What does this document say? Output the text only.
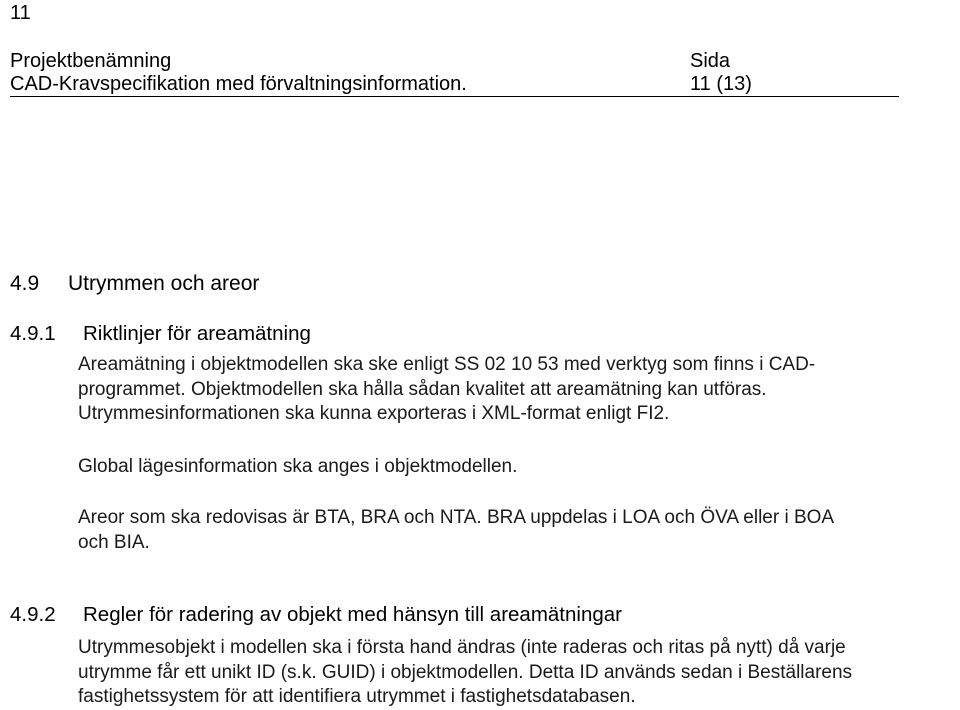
11
Projektbenämning
CAD-Kravspecifikation med förvaltningsinformation.
Sida
11 (13)
4.9 Utrymmen och areor
4.9.1 Riktlinjer för areamätning
Areamätning i objektmodellen ska ske enligt SS 02 10 53 med verktyg som finns i CAD-
programmet. Objektmodellen ska hålla sådan kvalitet att areamätning kan utföras.
Utrymmesinformationen ska kunna exporteras i XML-format enligt FI2.
Global lägesinformation ska anges i objektmodellen.
Areor som ska redovisas är BTA, BRA och NTA. BRA uppdelas i LOA och ÖVA eller i BOA
och BIA.
4.9.2 Regler för radering av objekt med hänsyn till areamätningar
Utrymmesobjekt i modellen ska i första hand ändras (inte raderas och ritas på nytt) då varje
utrymme får ett unikt ID (s.k. GUID) i objektmodellen. Detta ID används sedan i Beställarens
fastighetssystem för att identifiera utrymmet i fastighetsdatabasen.
